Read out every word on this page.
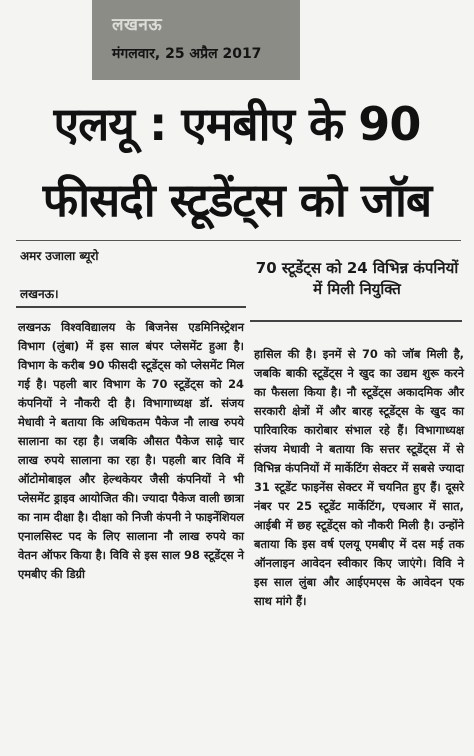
लखनऊ
मंगलवार, 25 अप्रैल 2017
एलयू : एमबीए के 90
फीसदी स्टूडेंट्स को जॉब
अमर उजाला ब्यूरो
लखनऊ।
70 स्टूडेंट्स को 24 विभिन्न कंपनियों में मिली नियुक्ति
लखनऊ विश्वविद्यालय के बिजनेस एडमिनिस्ट्रेशन विभाग (लुंबा) में इस साल बंपर प्लेसमेंट हुआ है। विभाग के करीब 90 फीसदी स्टूडेंट्स को प्लेसमेंट मिल गई है। पहली बार विभाग के 70 स्टूडेंट्स को 24 कंपनियों ने नौकरी दी है। विभागाध्यक्ष डॉ. संजय मेधावी ने बताया कि अधिकतम पैकेज नौ लाख रुपये सालाना का रहा है। जबकि औसत पैकेज साढ़े चार लाख रुपये सालाना का रहा है। पहली बार विवि में ऑटोमोबाइल और हेल्थकेयर जैसी कंपनियों ने भी प्लेसमेंट ड्राइव आयोजित की। ज्यादा पैकेज वाली छात्रा का नाम दीक्षा है। दीक्षा को निजी कंपनी ने फाइनेंशियल एनालसिस्ट पद के लिए सालाना नौ लाख रुपये का वेतन ऑफर किया है। विवि से इस साल 98 स्टूडेंट्स ने एमबीए की डिग्री
हासिल की है। इनमें से 70 को जॉब मिली है, जबकि बाकी स्टूडेंट्स ने खुद का उद्यम शुरू करने का फैसला किया है। नौ स्टूडेंट्स अकादमिक और सरकारी क्षेत्रों में और बारह स्टूडेंट्स के खुद का पारिवारिक कारोबार संभाल रहे हैं। विभागाध्यक्ष संजय मेधावी ने बताया कि सत्तर स्टूडेंट्स में से विभिन्न कंपनियों में मार्केटिंग सेक्टर में सबसे ज्यादा 31 स्टूडेंट फाइनेंस सेक्टर में चयनित हुए हैं। दूसरे नंबर पर 25 स्टूडेंट मार्केटिंग, एचआर में सात, आईबी में छह स्टूडेंट्स को नौकरी मिली है। उन्होंने बताया कि इस वर्ष एलयू एमबीए में दस मई तक ऑनलाइन आवेदन स्वीकार किए जाएंगे। विवि ने इस साल लुंबा और आईएमएस के आवेदन एक साथ मांगे हैं।
